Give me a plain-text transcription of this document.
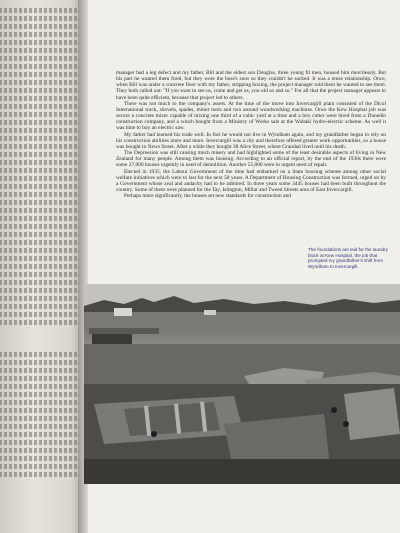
manager had a leg defect and my father, Bill and the eldest son Douglas, three young fit men, housed him mercilessly. But his part he wanted them fired, but they were the boss's sons so they couldn't be sacked. It was a tense relationship. Once, when Bill was under a concrete floor with my father, stripping boxing, the project manager told them he wanted to see them. They both called out: "If you want to see us, come and get us, you old so and so." For all that the project manager appears to have been quite efficient, because that project led to others.

There was not much to the company's assets. At the time of the move into Invercargill plant consisted of the Dicol International truck, shovels, spades, minor tools and two around woodworking machines. Once the Kew Hospital job was secure a concrete mixer capable of mixing one third of a cubic yard at a time and a box cutter were hired from a Dunedin construction company, and a winch bought from a Ministry of Works sale at the Waitaki hydro-electric scheme. As well it was time to buy an electric saw.

My father had learned his trade well. In fact he would not live in Wyndham again, and my grandfather began to rely on his construction abilities more and more. Invercargill was a city and therefore offered greater work opportunities, so a house was bought in News Street. After a while they bought 38 Alice Street, where Grandad lived until his death.

The Depression was still causing much misery and had highlighted some of the least desirable aspects of living in New Zealand for many people. Among them was housing. According to an official report, by the end of the 1930s there were some 27,000 houses urgently in need of demolition. Another 55,000 were in urgent need of repair.

Elected in 1935, the Labour Government of the time had embarked on a State housing scheme among other social welfare initiatives which were to last for the next 50 years. A Department of Housing Construction was formed, urged on by a Government whose zeal and audacity had to be admired. In three years some 3445 houses had been built throughout the country. Some of them were planned for the Tay, Islington, Millar and Tweed Streets area of East Invercargill.

Perhaps more significantly, the houses set new standards for construction and

The foundations are laid for the laundry block at Kew Hospital, the job that prompted my grandfather's shift from Wyndham to Invercargill.
